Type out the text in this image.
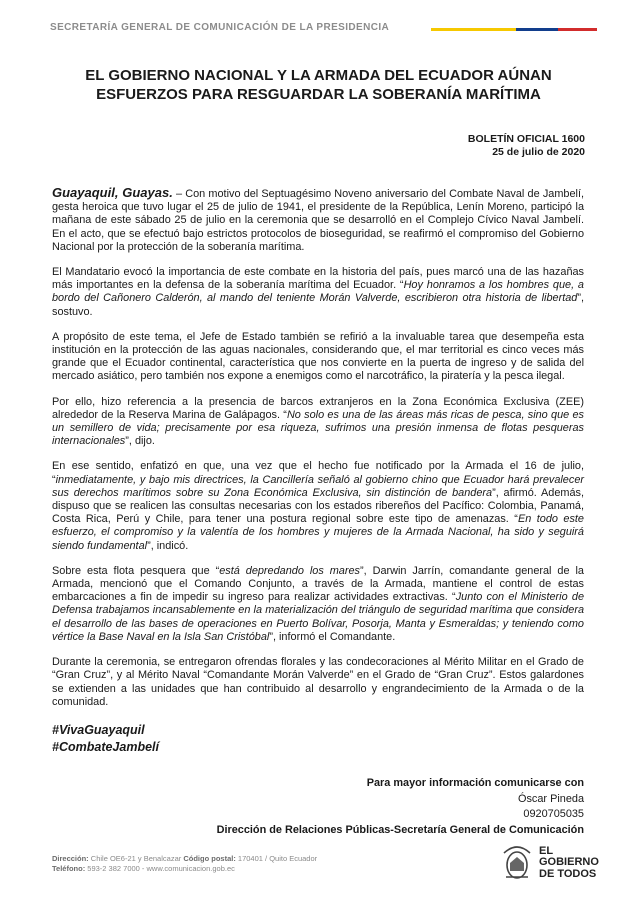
SECRETARÍA GENERAL DE COMUNICACIÓN DE LA PRESIDENCIA
EL GOBIERNO NACIONAL Y LA ARMADA DEL ECUADOR AÚNAN
ESFUERZOS PARA RESGUARDAR LA SOBERANÍA MARÍTIMA
BOLETÍN OFICIAL 1600
25 de julio de 2020

Guayaquil, Guayas. – Con motivo del Septuagésimo Noveno aniversario del Combate Naval de Jambelí, gesta heroica que tuvo lugar el 25 de julio de 1941, el presidente de la República, Lenín Moreno, participó la mañana de este sábado 25 de julio en la ceremonia que se desarrolló en el Complejo Cívico Naval Jambelí. En el acto, que se efectuó bajo estrictos protocolos de bioseguridad, se reafirmó el compromiso del Gobierno Nacional por la protección de la soberanía marítima.

El Mandatario evocó la importancia de este combate en la historia del país, pues marcó una de las hazañas más importantes en la defensa de la soberanía marítima del Ecuador. “Hoy honramos a los hombres que, a bordo del Cañonero Calderón, al mando del teniente Morán Valverde, escribieron otra historia de libertad”, sostuvo.

A propósito de este tema, el Jefe de Estado también se refirió a la invaluable tarea que desempeña esta institución en la protección de las aguas nacionales, considerando que, el mar territorial es cinco veces más grande que el Ecuador continental, característica que nos convierte en la puerta de ingreso y de salida del mercado asiático, pero también nos expone a enemigos como el narcotráfico, la piratería y la pesca ilegal.

Por ello, hizo referencia a la presencia de barcos extranjeros en la Zona Económica Exclusiva (ZEE) alrededor de la Reserva Marina de Galápagos. “No solo es una de las áreas más ricas de pesca, sino que es un semillero de vida; precisamente por esa riqueza, sufrimos una presión inmensa de flotas pesqueras internacionales”, dijo.

En ese sentido, enfatizó en que, una vez que el hecho fue notificado por la Armada el 16 de julio, “inmediatamente, y bajo mis directrices, la Cancillería señaló al gobierno chino que Ecuador hará prevalecer sus derechos marítimos sobre su Zona Económica Exclusiva, sin distinción de bandera”, afirmó. Además, dispuso que se realicen las consultas necesarias con los estados ribereños del Pacífico: Colombia, Panamá, Costa Rica, Perú y Chile, para tener una postura regional sobre este tipo de amenazas. “En todo este esfuerzo, el compromiso y la valentía de los hombres y mujeres de la Armada Nacional, ha sido y seguirá siendo fundamental”, indicó.

Sobre esta flota pesquera que “está depredando los mares”, Darwin Jarrín, comandante general de la Armada, mencionó que el Comando Conjunto, a través de la Armada, mantiene el control de estas embarcaciones a fin de impedir su ingreso para realizar actividades extractivas. “Junto con el Ministerio de Defensa trabajamos incansablemente en la materialización del triángulo de seguridad marítima que considera el desarrollo de las bases de operaciones en Puerto Bolívar, Posorja, Manta y Esmeraldas; y teniendo como vértice la Base Naval en la Isla San Cristóbal”, informó el Comandante.

Durante la ceremonia, se entregaron ofrendas florales y las condecoraciones al Mérito Militar en el Grado de “Gran Cruz”, y al Mérito Naval “Comandante Morán Valverde” en el Grado de “Gran Cruz”. Estos galardones se extienden a las unidades que han contribuido al desarrollo y engrandecimiento de la Armada o de la comunidad.

#VivaGuayaquil
#CombateJambelí
Para mayor información comunicarse con
Óscar Pineda
0920705035
Dirección de Relaciones Públicas-Secretaría General de Comunicación
Dirección: Chile OE6-21 y Benalcazar Código postal: 170401 / Quito Ecuador
Teléfono: 593-2 382 7000 - www.comunicacion.gob.ec
EL
GOBIERNO
DE TODOS
